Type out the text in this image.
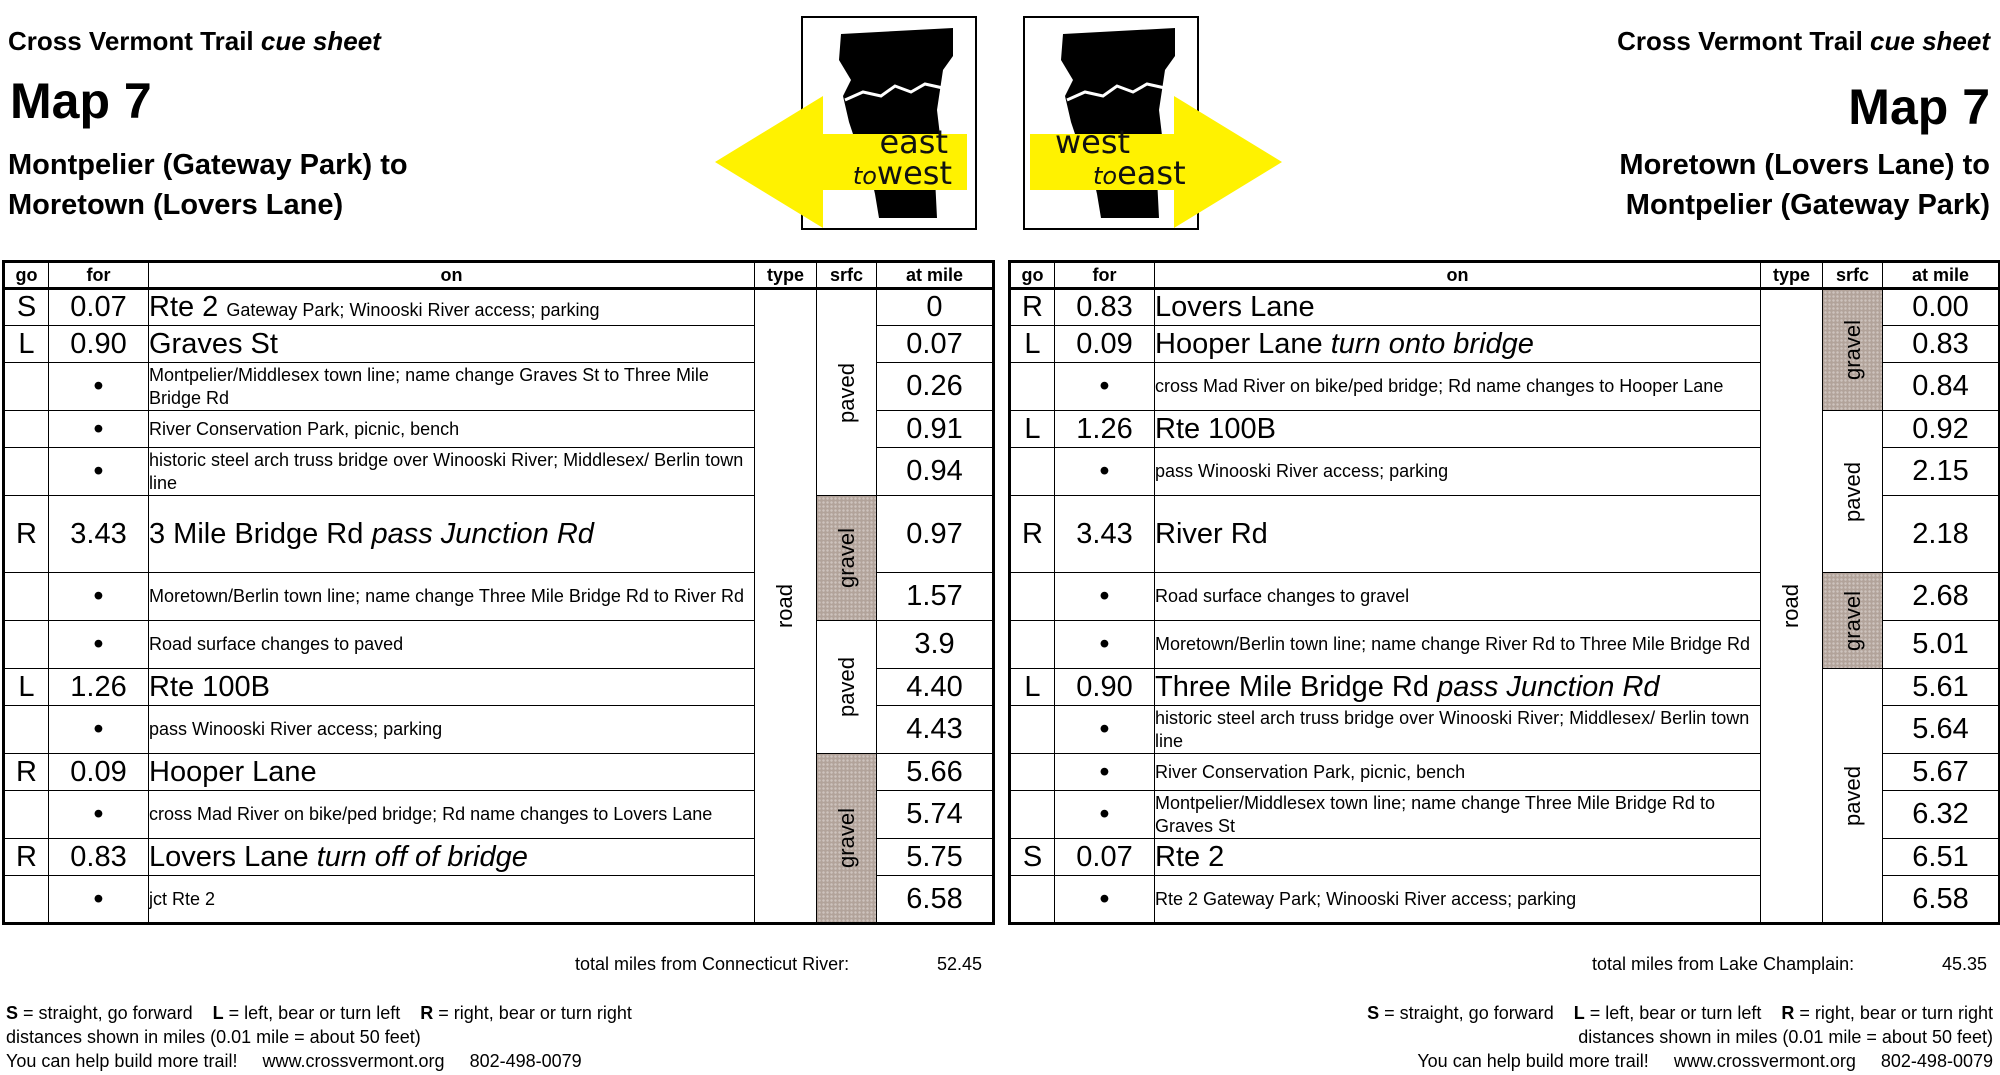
Cross Vermont Trail cue sheet
Map 7
Montpelier (Gateway Park) to
Moretown (Lovers Lane)
Cross Vermont Trail cue sheet
Map 7
Moretown (Lovers Lane) to
Montpelier (Gateway Park)
east
towest
west
toeast
go	for	on	type	srfc	at mile
S	0.07	Rte 2 Gateway Park; Winooski River access; parking	road	paved	0
L	0.90	Graves St			0.07
	•	Montpelier/Middlesex town line; name change Graves St to Three Mile Bridge Rd			0.26
	•	River Conservation Park, picnic, bench			0.91
	•	historic steel arch truss bridge over Winooski River; Middlesex/ Berlin town line			0.94
R	3.43	3 Mile Bridge Rd pass Junction Rd		gravel	0.97
	•	Moretown/Berlin town line; name change Three Mile Bridge Rd to River Rd			1.57
	•	Road surface changes to paved		paved	3.9
L	1.26	Rte 100B			4.40
	•	pass Winooski River access; parking			4.43
R	0.09	Hooper Lane		gravel	5.66
	•	cross Mad River on bike/ped bridge; Rd name changes to Lovers Lane			5.74
R	0.83	Lovers Lane turn off of bridge			5.75
	•	jct Rte 2			6.58
go	for	on	type	srfc	at mile
R	0.83	Lovers Lane	road	gravel	0.00
L	0.09	Hooper Lane turn onto bridge			0.83
	•	cross Mad River on bike/ped bridge; Rd name changes to Hooper Lane			0.84
L	1.26	Rte 100B		paved	0.92
	•	pass Winooski River access; parking			2.15
R	3.43	River Rd			2.18
	•	Road surface changes to gravel		gravel	2.68
	•	Moretown/Berlin town line; name change River Rd to Three Mile Bridge Rd			5.01
L	0.90	Three Mile Bridge Rd pass Junction Rd		paved	5.61
	•	historic steel arch truss bridge over Winooski River; Middlesex/ Berlin town line			5.64
	•	River Conservation Park, picnic, bench			5.67
	•	Montpelier/Middlesex town line; name change Three Mile Bridge Rd to Graves St			6.32
S	0.07	Rte 2			6.51
	•	Rte 2 Gateway Park; Winooski River access; parking			6.58
total miles from Connecticut River:	52.45	total miles from Lake Champlain:	45.35
S = straight, go forward L = left, bear or turn left R = right, bear or turn right
distances shown in miles (0.01 mile = about 50 feet)
You can help build more trail! www.crossvermont.org 802-498-0079
S = straight, go forward L = left, bear or turn left R = right, bear or turn right
distances shown in miles (0.01 mile = about 50 feet)
You can help build more trail! www.crossvermont.org 802-498-0079
